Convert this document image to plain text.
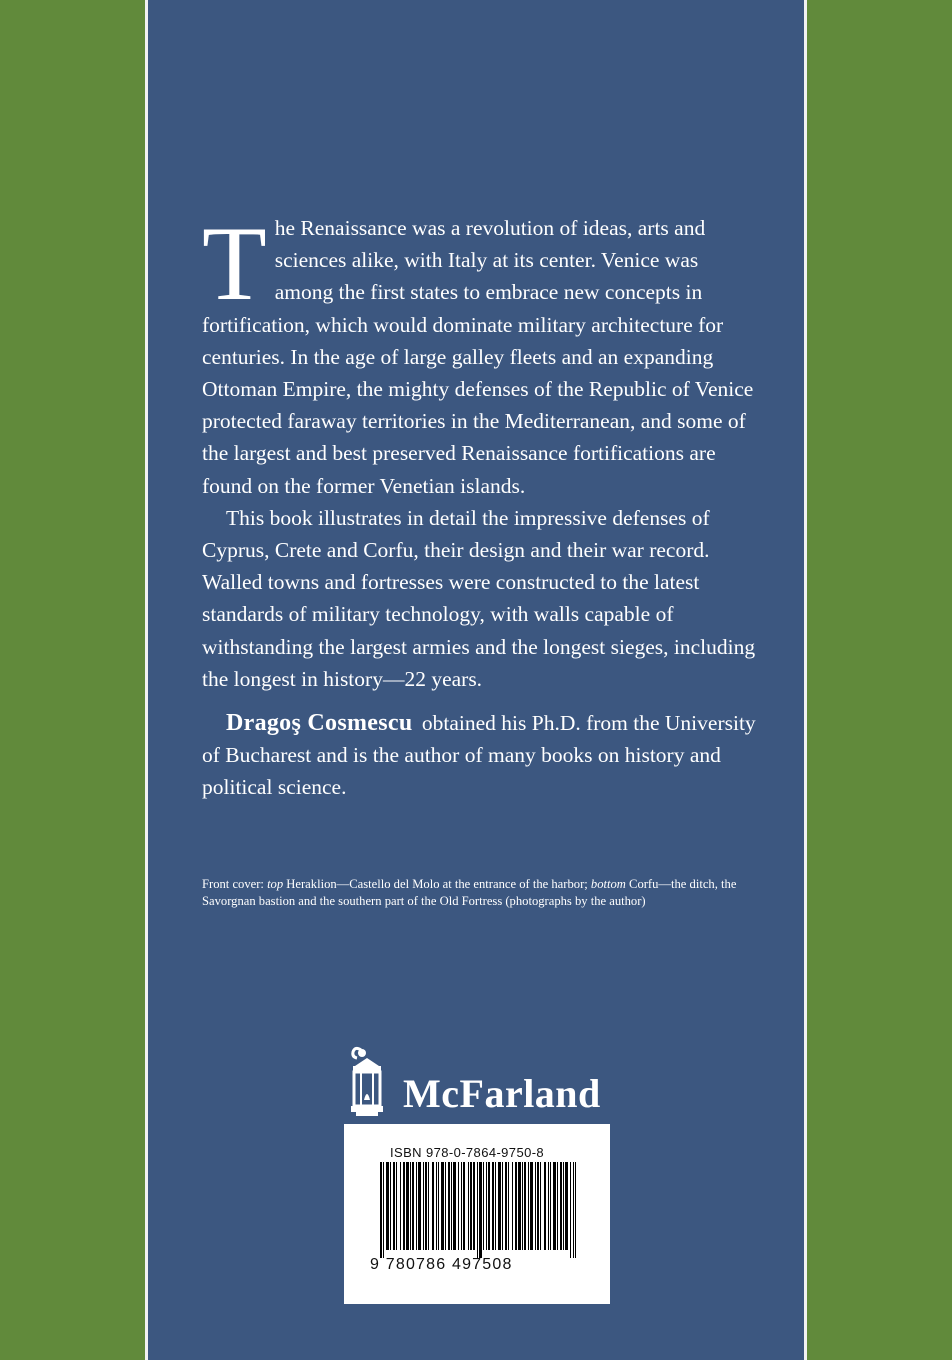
The Renaissance was a revolution of ideas, arts and sciences alike, with Italy at its center. Venice was among the first states to embrace new concepts in fortification, which would dominate military architecture for centuries. In the age of large galley fleets and an expanding Ottoman Empire, the mighty defenses of the Republic of Venice protected faraway territories in the Mediterranean, and some of the largest and best preserved Renaissance fortifications are found on the former Venetian islands.

This book illustrates in detail the impressive defenses of Cyprus, Crete and Corfu, their design and their war record. Walled towns and fortresses were constructed to the latest standards of military technology, with walls capable of withstanding the largest armies and the longest sieges, including the longest in history—22 years.

Dragoş Cosmescu obtained his Ph.D. from the University of Bucharest and is the author of many books on history and political science.

Front cover: top Heraklion—Castello del Molo at the entrance of the harbor; bottom Corfu—the ditch, the Savorgnan bastion and the southern part of the Old Fortress (photographs by the author)
McFarland
ISBN 978-0-7864-9750-8
9 780786 497508
